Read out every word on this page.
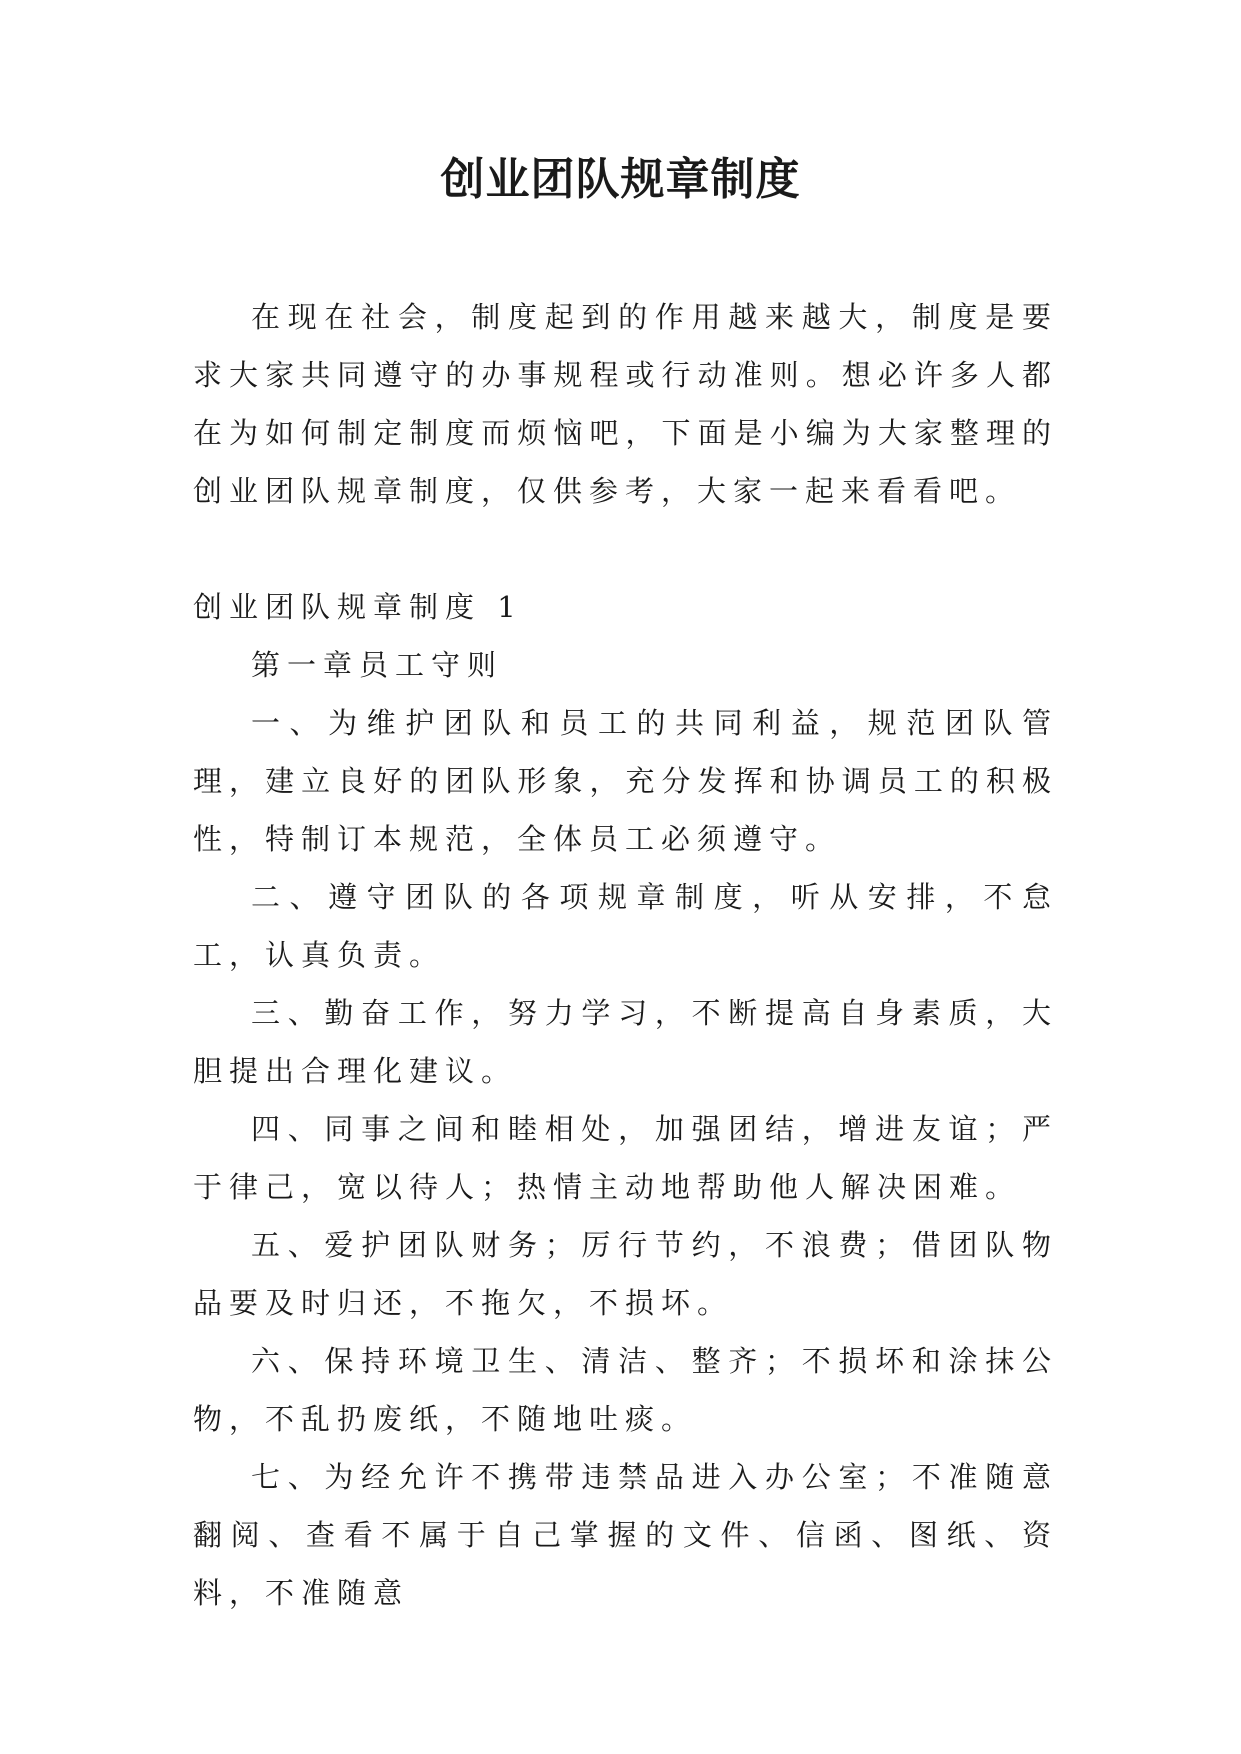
创业团队规章制度

在现在社会，制度起到的作用越来越大，制度是要求大家共同遵守的办事规程或行动准则。想必许多人都在为如何制定制度而烦恼吧，下面是小编为大家整理的创业团队规章制度，仅供参考，大家一起来看看吧。

创业团队规章制度 1

第一章员工守则

一、为维护团队和员工的共同利益，规范团队管理，建立良好的团队形象，充分发挥和协调员工的积极性，特制订本规范，全体员工必须遵守。

二、遵守团队的各项规章制度，听从安排，不怠工，认真负责。

三、勤奋工作，努力学习，不断提高自身素质，大胆提出合理化建议。

四、同事之间和睦相处，加强团结，增进友谊；严于律己，宽以待人；热情主动地帮助他人解决困难。

五、爱护团队财务；厉行节约，不浪费；借团队物品要及时归还，不拖欠，不损坏。

六、保持环境卫生、清洁、整齐；不损坏和涂抹公物，不乱扔废纸，不随地吐痰。

七、为经允许不携带违禁品进入办公室；不准随意翻阅、查看不属于自己掌握的文件、信函、图纸、资料，不准随意
